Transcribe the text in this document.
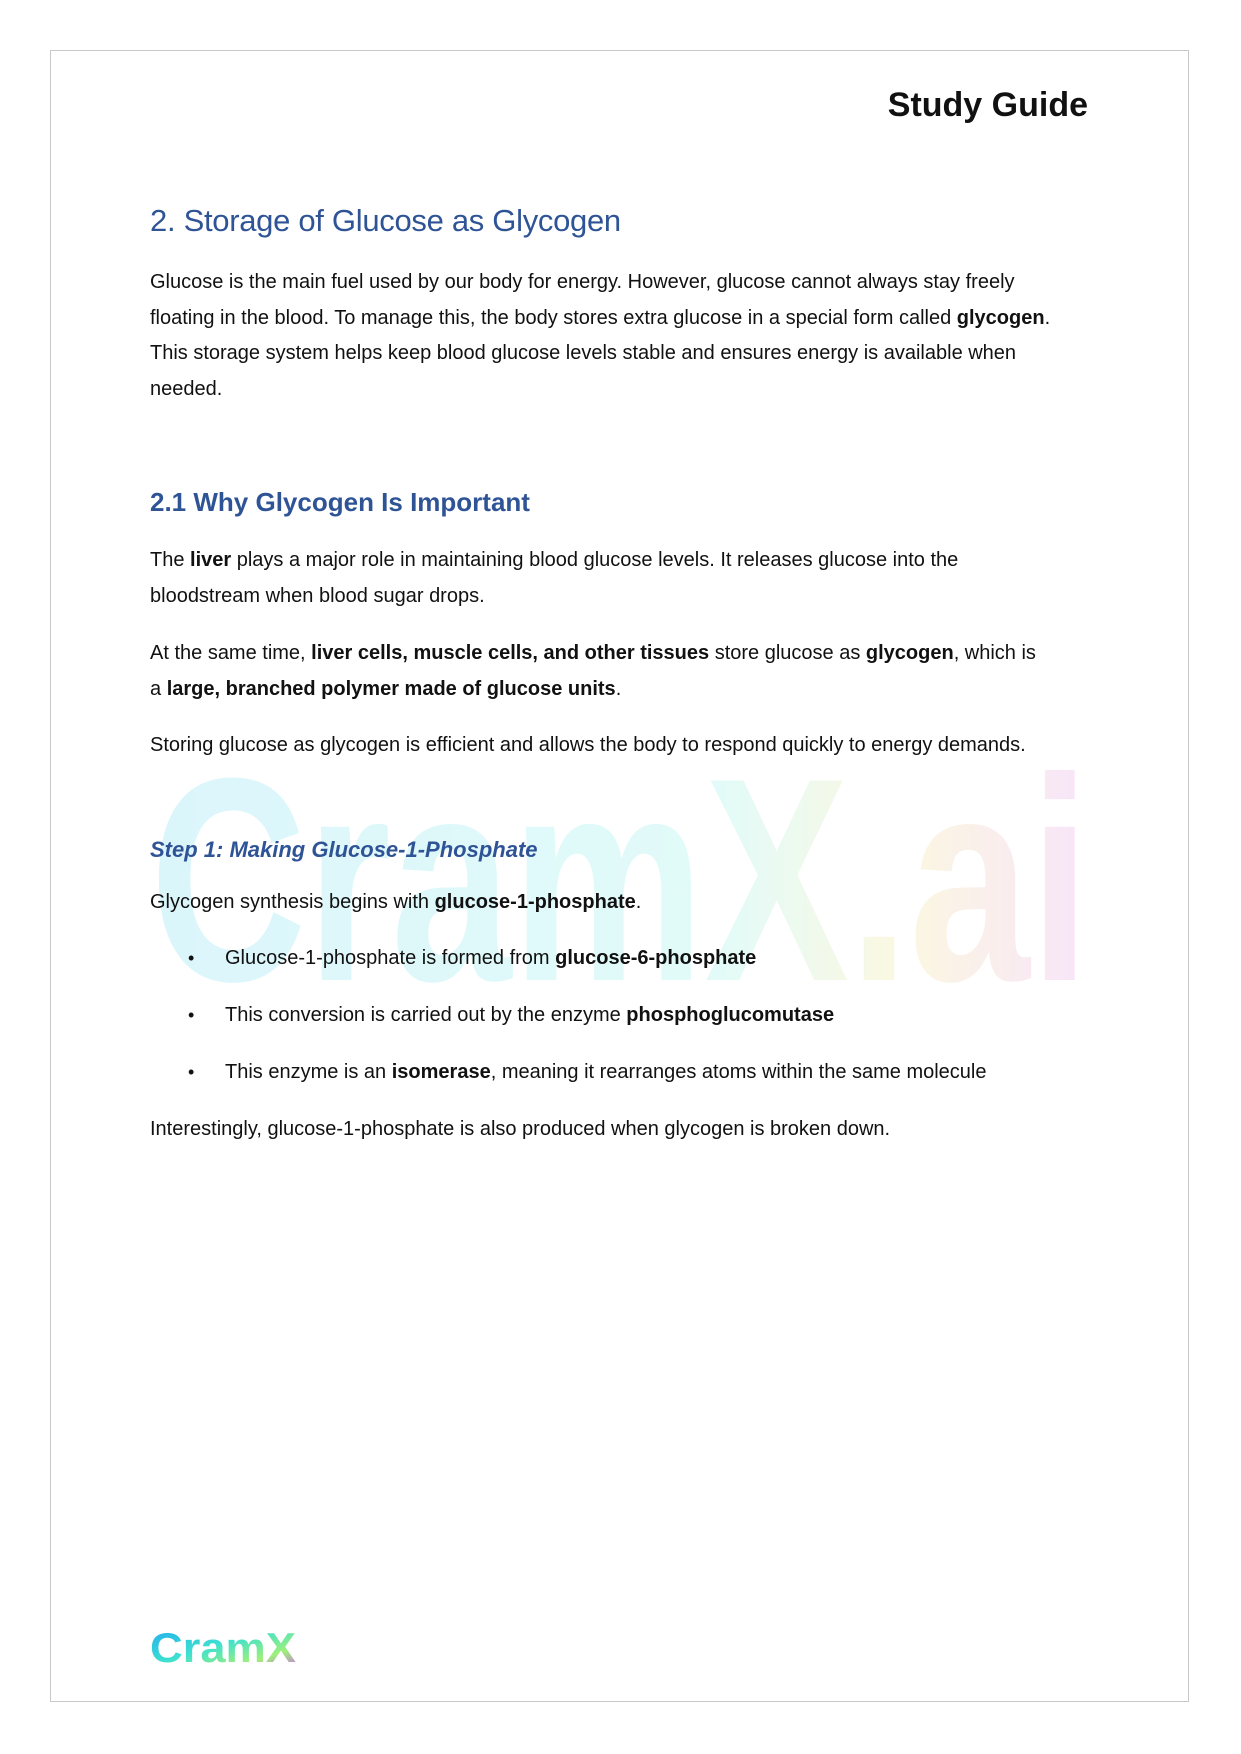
CramX.ai
Study Guide
2. Storage of Glucose as Glycogen
Glucose is the main fuel used by our body for energy. However, glucose cannot always stay freely
floating in the blood. To manage this, the body stores extra glucose in a special form called glycogen.
This storage system helps keep blood glucose levels stable and ensures energy is available when
needed.
2.1 Why Glycogen Is Important
The liver plays a major role in maintaining blood glucose levels. It releases glucose into the
bloodstream when blood sugar drops.
At the same time, liver cells, muscle cells, and other tissues store glucose as glycogen, which is
a large, branched polymer made of glucose units.
Storing glucose as glycogen is efficient and allows the body to respond quickly to energy demands.
Step 1: Making Glucose-1-Phosphate
Glycogen synthesis begins with glucose-1-phosphate.
• Glucose-1-phosphate is formed from glucose-6-phosphate
• This conversion is carried out by the enzyme phosphoglucomutase
• This enzyme is an isomerase, meaning it rearranges atoms within the same molecule
Interestingly, glucose-1-phosphate is also produced when glycogen is broken down.
CramX
